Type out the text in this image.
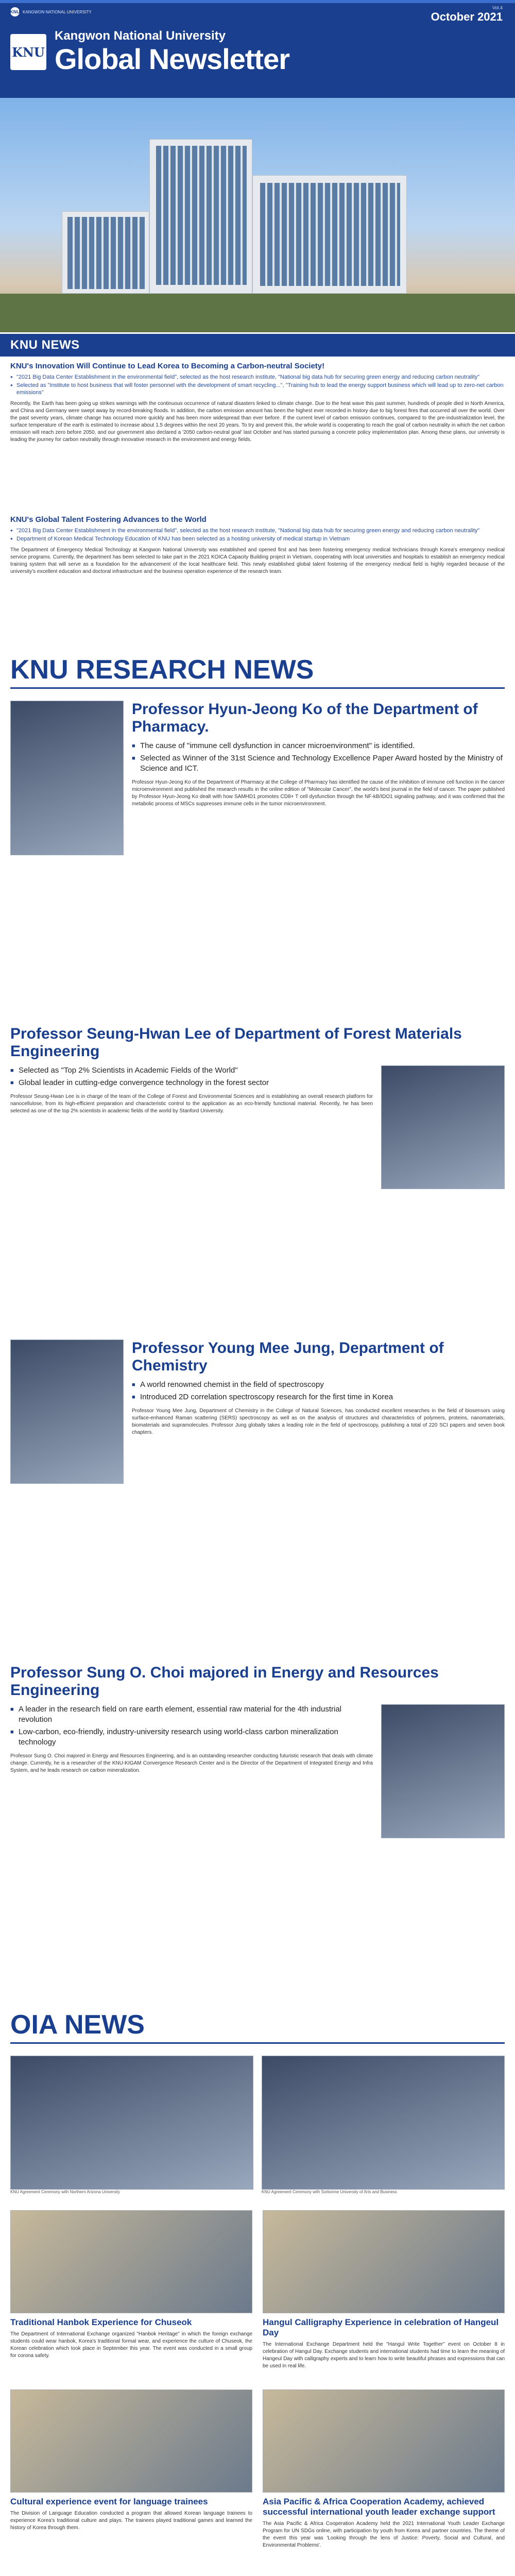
KNU KANGWON NATIONAL UNIVERSITY
Vol.4
October 2021
KNU
Kangwon National University
Global Newsletter
KNU NEWS
KNU's Innovation Will Continue to Lead Korea to Becoming a Carbon-neutral Society!
● "2021 Big Data Center Establishment in the environmental field", selected as the host research institute, "National big data hub for securing green energy and reducing carbon neutrality"
● Selected as "Institute to host business that will foster personnel with the development of smart recycling...", "Training hub to lead the energy support business which will lead up to zero-net carbon emissions"

Recently, the Earth has been going up strikes warnings with the continuous occurrence of natural disasters linked to climate change. Due to the heat wave this past summer, hundreds of people died in North America, and China and Germany were swept away by record-breaking floods. In addition, the carbon emission amount has been the highest ever recorded in history due to big forest fires that occurred all over the world. Over the past seventy years, climate change has occurred more quickly and has been more widespread than ever before. If the current level of carbon emission continues, compared to the pre-industrialization level, the surface temperature of the earth is estimated to increase about 1.5 degrees within the next 20 years. To try and prevent this, the whole world is cooperating to reach the goal of carbon neutrality in which the net carbon emission will reach zero before 2050, and our government also declared a '2050 carbon-neutral goal' last October and has started pursuing a concrete policy implementation plan. Among these plans, our university is leading the journey for carbon neutrality through innovative research in the environment and energy fields.

KNU's Global Talent Fostering Advances to the World
● "2021 Big Data Center Establishment in the environmental field", selected as the host research institute, "National big data hub for securing green energy and reducing carbon neutrality"
● Department of Korean Medical Technology Education of KNU has been selected as a hosting university of medical startup in Vietnam

The Department of Emergency Medical Technology at Kangwon National University was established and opened first and has been fostering emergency medical technicians through Korea's emergency medical service programs. Currently, the department has been selected to take part in the 2021 KOICA Capacity Building project in Vietnam, cooperating with local universities and hospitals to establish an emergency medical training system that will serve as a foundation for the advancement of the local healthcare field. This newly established global talent fostering of the emergency medical field is highly regarded because of the university's excellent education and doctoral infrastructure and the business operation experience of the research team.

KNU RESEARCH NEWS
Professor Hyun-Jeong Ko of the Department of Pharmacy.
■ The cause of "immune cell dysfunction in cancer microenvironment" is identified.
■ Selected as Winner of the 31st Science and Technology Excellence Paper Award hosted by the Ministry of Science and ICT.

Professor Hyun-Jeong Ko of the Department of Pharmacy at the College of Pharmacy has identified the cause of the inhibition of immune cell function in the cancer microenvironment and published the research results in the online edition of "Molecular Cancer", the world's best journal in the field of cancer. The paper published by Professor Hyun-Jeong Ko dealt with how SAMHD1 promotes CD8+ T cell dysfunction through the NF-kB/IDO1 signaling pathway, and it was confirmed that the metabolic process of MSCs suppresses immune cells in the tumor microenvironment.

Professor Seung-Hwan Lee of Department of Forest Materials Engineering
■ Selected as "Top 2% Scientists in Academic Fields of the World"
■ Global leader in cutting-edge convergence technology in the forest sector

Professor Seung-Hwan Lee is in charge of the team of the College of Forest and Environmental Sciences and is establishing an overall research platform for nanocellulose, from its high-efficient preparation and characteristic control to the application as an eco-friendly functional material. Recently, he has been selected as one of the top 2% scientists in academic fields of the world by Stanford University.

Professor Young Mee Jung, Department of Chemistry
■ A world renowned chemist in the field of spectroscopy
■ Introduced 2D correlation spectroscopy research for the first time in Korea

Professor Young Mee Jung, Department of Chemistry in the College of Natural Sciences, has conducted excellent researches in the field of biosensors using surface-enhanced Raman scattering (SERS) spectroscopy as well as on the analysis of structures and characteristics of polymers, proteins, nanomaterials, biomaterials and supramolecules. Professor Jung globally takes a leading role in the field of spectroscopy, publishing a total of 220 SCI papers and seven book chapters.

Professor Sung O. Choi majored in Energy and Resources Engineering
■ A leader in the research field on rare earth element, essential raw material for the 4th industrial revolution
■ Low-carbon, eco-friendly, industry-university research using world-class carbon mineralization technology

Professor Sung O. Choi majored in Energy and Resources Engineering, and is an outstanding researcher conducting futuristic research that deals with climate change. Currently, he is a researcher of the KNU-KIGAM Convergence Research Center and is the Director of the Department of Integrated Energy and Infra System, and he leads research on carbon mineralization.

OIA NEWS
KNU Agreement Ceremony with Northern Arizona University	KNU Agreement Ceremony with Sorbonne University of Arts and Business
Traditional Hanbok Experience for Chuseok

The Department of International Exchange organized "Hanbok Heritage" in which the foreign exchange students could wear hanbok, Korea's traditional formal wear, and experience the culture of Chuseok, the Korean celebration which took place in September this year. The event was conducted in a small group for corona safety.

Hangul Calligraphy Experience in celebration of Hangeul Day

The International Exchange Department held the "Hangul Write Together" event on October 8 in celebration of Hangul Day. Exchange students and international students had time to learn the meaning of Hangeul Day with calligraphy experts and to learn how to write beautiful phrases and expressions that can be used in real life.

Cultural experience event for language trainees

The Division of Language Education conducted a program that allowed Korean language trainees to experience Korea's traditional culture and plays. The trainees played traditional games and learned the history of Korea through them.

Asia Pacific & Africa Cooperation Academy, achieved successful international youth leader exchange support

The Asia Pacific & Africa Cooperation Academy held the 2021 International Youth Leader Exchange Program for UN SDGs online, with participation by youth from Korea and partner countries. The theme of the event this year was 'Looking through the lens of Justice: Poverty, Social and Cultural, and Environmental Problems'.
